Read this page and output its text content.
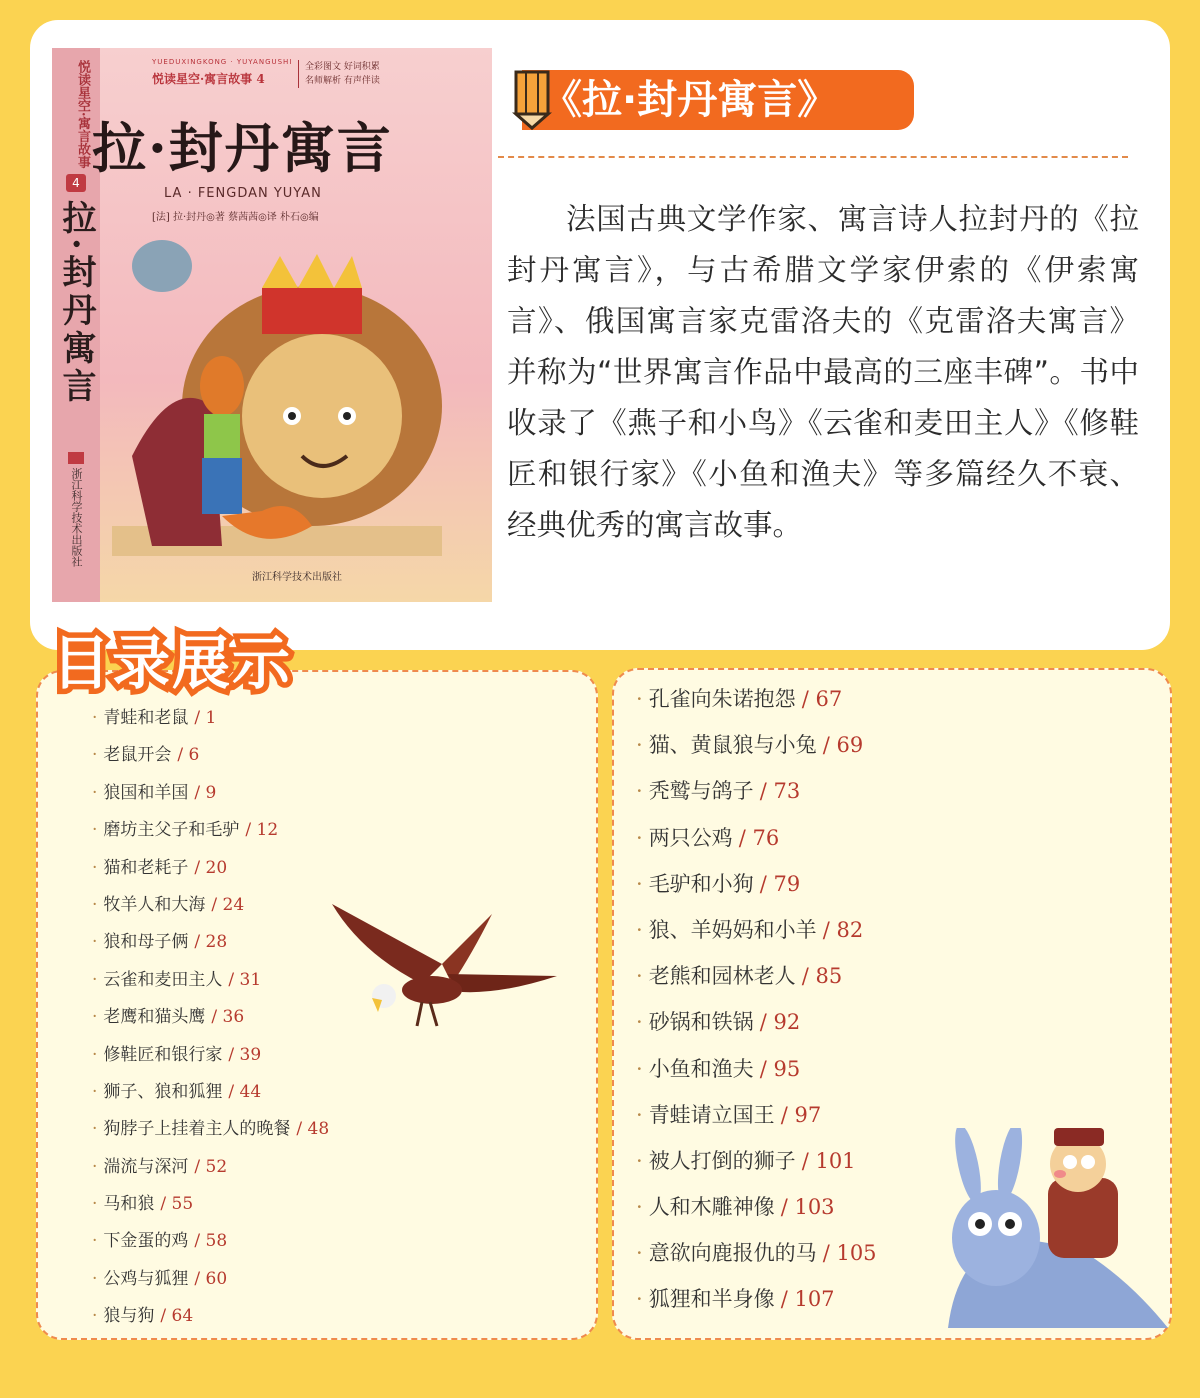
悦读星空·寓言故事
4
拉·封丹寓言
浙江科学技术出版社
YUEDUXINGKONG · YUYANGUSHI
悦读星空·寓言故事 4
全彩图文 好词积累
名师解析 有声伴读
拉·封丹寓言
LA · FENGDAN YUYAN
[法] 拉·封丹◎著 蔡茜茜◎译 朴石◎编
浙江科学技术出版社
《拉·封丹寓言》
法国古典文学作家、寓言诗人拉封丹的《拉封丹寓言》，与古希腊文学家伊索的《伊索寓言》、俄国寓言家克雷洛夫的《克雷洛夫寓言》并称为“世界寓言作品中最高的三座丰碑”。书中收录了《燕子和小鸟》《云雀和麦田主人》《修鞋匠和银行家》《小鱼和渔夫》等多篇经久不衰、经典优秀的寓言故事。
目录展示
· 青蛙和老鼠 / 1
· 老鼠开会 / 6
· 狼国和羊国 / 9
· 磨坊主父子和毛驴 / 12
· 猫和老耗子 / 20
· 牧羊人和大海 / 24
· 狼和母子俩 / 28
· 云雀和麦田主人 / 31
· 老鹰和猫头鹰 / 36
· 修鞋匠和银行家 / 39
· 狮子、狼和狐狸 / 44
· 狗脖子上挂着主人的晚餐 / 48
· 湍流与深河 / 52
· 马和狼 / 55
· 下金蛋的鸡 / 58
· 公鸡与狐狸 / 60
· 狼与狗 / 64
· 孔雀向朱诺抱怨 / 67
· 猫、黄鼠狼与小兔 / 69
· 秃鹫与鸽子 / 73
· 两只公鸡 / 76
· 毛驴和小狗 / 79
· 狼、羊妈妈和小羊 / 82
· 老熊和园林老人 / 85
· 砂锅和铁锅 / 92
· 小鱼和渔夫 / 95
· 青蛙请立国王 / 97
· 被人打倒的狮子 / 101
· 人和木雕神像 / 103
· 意欲向鹿报仇的马 / 105
· 狐狸和半身像 / 107
